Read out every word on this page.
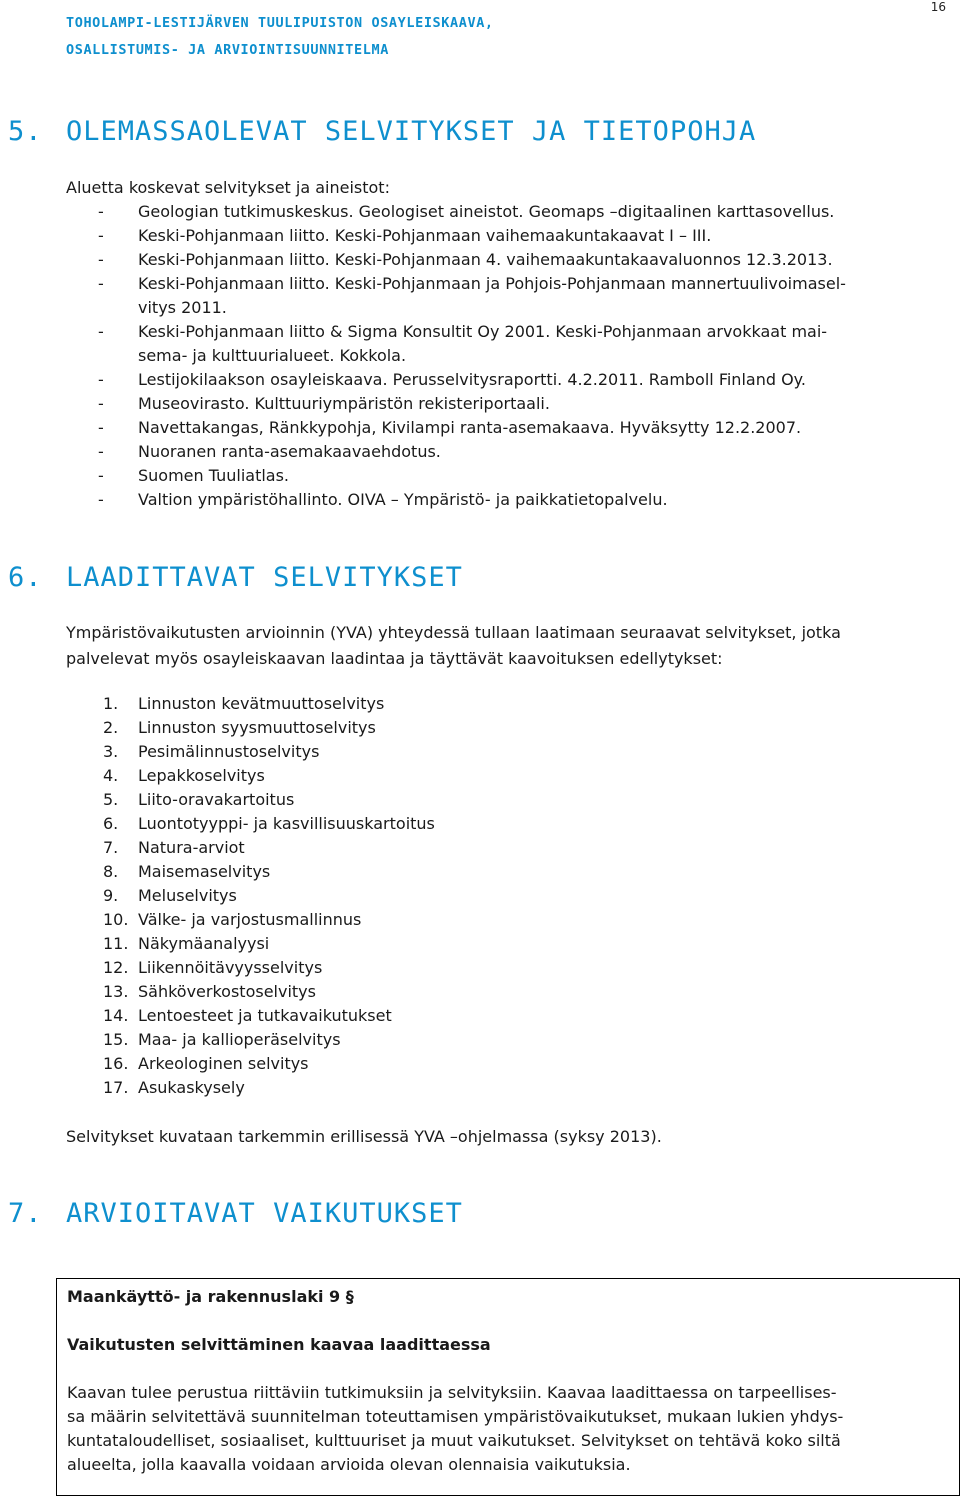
16
TOHOLAMPI-LESTIJÄRVEN TUULIPUISTON OSAYLEISKAAVA,
OSALLISTUMIS- JA ARVIOINTISUUNNITELMA
5. OLEMASSAOLEVAT SELVITYKSET JA TIETOPOHJA
Aluetta koskevat selvitykset ja aineistot:
-	Geologian tutkimuskeskus. Geologiset aineistot. Geomaps –digitaalinen karttasovellus.
-	Keski-Pohjanmaan liitto. Keski-Pohjanmaan vaihemaakuntakaavat I – III.
-	Keski-Pohjanmaan liitto. Keski-Pohjanmaan 4. vaihemaakuntakaavaluonnos 12.3.2013.
-	Keski-Pohjanmaan liitto. Keski-Pohjanmaan ja Pohjois-Pohjanmaan mannertuulivoimasel-
vitys 2011.
-	Keski-Pohjanmaan liitto & Sigma Konsultit Oy 2001. Keski-Pohjanmaan arvokkaat mai-
sema- ja kulttuurialueet. Kokkola.
-	Lestijokilaakson osayleiskaava. Perusselvitysraportti. 4.2.2011. Ramboll Finland Oy.
-	Museovirasto. Kulttuuriympäristön rekisteriportaali.
-	Navettakangas, Ränkkypohja, Kivilampi ranta-asemakaava. Hyväksytty 12.2.2007.
-	Nuoranen ranta-asemakaavaehdotus.
-	Suomen Tuuliatlas.
-	Valtion ympäristöhallinto. OIVA – Ympäristö- ja paikkatietopalvelu.
6. LAADITTAVAT SELVITYKSET
Ympäristövaikutusten arvioinnin (YVA) yhteydessä tullaan laatimaan seuraavat selvitykset, jotka
palvelevat myös osayleiskaavan laadintaa ja täyttävät kaavoituksen edellytykset:
1.	Linnuston kevätmuuttoselvitys
2.	Linnuston syysmuuttoselvitys
3.	Pesimälinnustoselvitys
4.	Lepakkoselvitys
5.	Liito-oravakartoitus
6.	Luontotyyppi- ja kasvillisuuskartoitus
7.	Natura-arviot
8.	Maisemaselvitys
9.	Meluselvitys
10. Välke- ja varjostusmallinnus
11. Näkymäanalyysi
12. Liikennöitävyysselvitys
13. Sähköverkostoselvitys
14. Lentoesteet ja tutkavaikutukset
15. Maa- ja kallioperäselvitys
16. Arkeologinen selvitys
17. Asukaskysely
Selvitykset kuvataan tarkemmin erillisessä YVA –ohjelmassa (syksy 2013).
7. ARVIOITAVAT VAIKUTUKSET
Maankäyttö- ja rakennuslaki 9 §
Vaikutusten selvittäminen kaavaa laadittaessa
Kaavan tulee perustua riittäviin tutkimuksiin ja selvityksiin. Kaavaa laadittaessa on tarpeellises-
sa määrin selvitettävä suunnitelman toteuttamisen ympäristövaikutukset, mukaan lukien yhdys-
kuntataloudelliset, sosiaaliset, kulttuuriset ja muut vaikutukset. Selvitykset on tehtävä koko siltä
alueelta, jolla kaavalla voidaan arvioida olevan olennaisia vaikutuksia.
